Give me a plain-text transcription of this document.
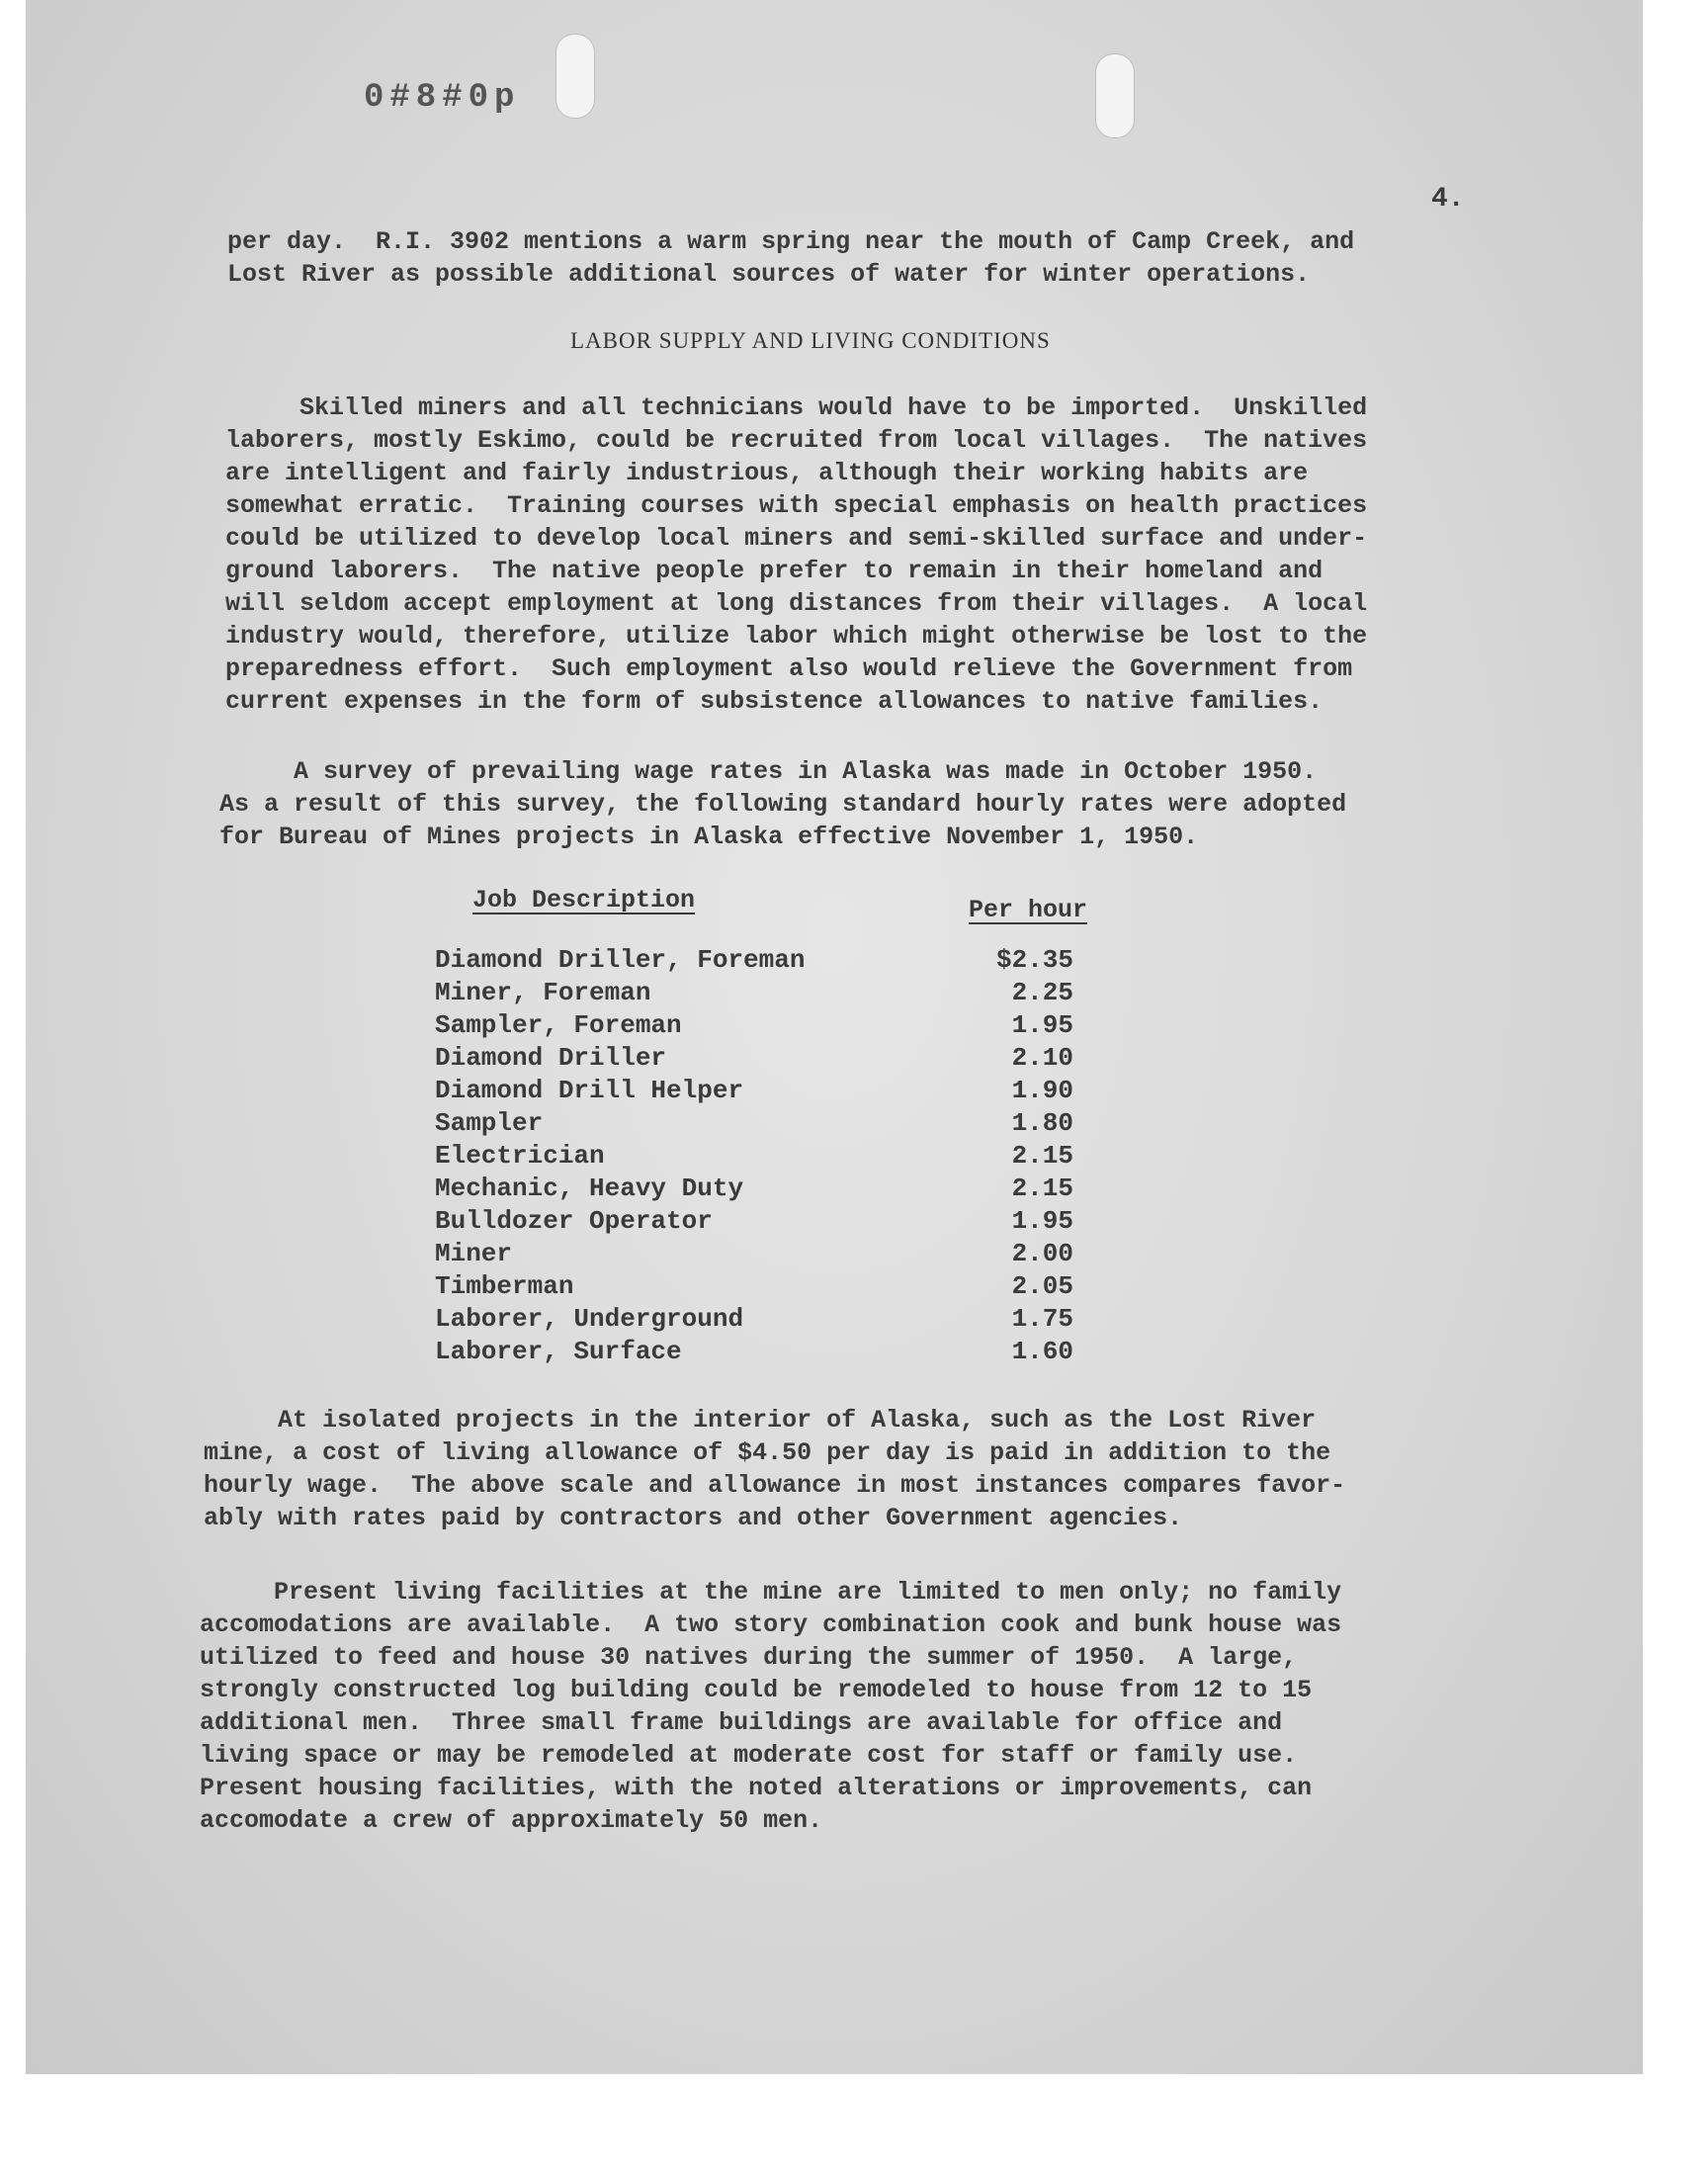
0#8#0p
4.
per day.  R.I. 3902 mentions a warm spring near the mouth of Camp Creek, and
Lost River as possible additional sources of water for winter operations.
LABOR SUPPLY AND LIVING CONDITIONS
Skilled miners and all technicians would have to be imported.  Unskilled
laborers, mostly Eskimo, could be recruited from local villages.  The natives
are intelligent and fairly industrious, although their working habits are
somewhat erratic.  Training courses with special emphasis on health practices
could be utilized to develop local miners and semi-skilled surface and under-
ground laborers.  The native people prefer to remain in their homeland and
will seldom accept employment at long distances from their villages.  A local
industry would, therefore, utilize labor which might otherwise be lost to the
preparedness effort.  Such employment also would relieve the Government from
current expenses in the form of subsistence allowances to native families.
A survey of prevailing wage rates in Alaska was made in October 1950.
As a result of this survey, the following standard hourly rates were adopted
for Bureau of Mines projects in Alaska effective November 1, 1950.
Job Description	Per hour
Diamond Driller, Foreman	$2.35
Miner, Foreman	2.25
Sampler, Foreman	1.95
Diamond Driller	2.10
Diamond Drill Helper	1.90
Sampler	1.80
Electrician	2.15
Mechanic, Heavy Duty	2.15
Bulldozer Operator	1.95
Miner	2.00
Timberman	2.05
Laborer, Underground	1.75
Laborer, Surface	1.60
At isolated projects in the interior of Alaska, such as the Lost River
mine, a cost of living allowance of $4.50 per day is paid in addition to the
hourly wage.  The above scale and allowance in most instances compares favor-
ably with rates paid by contractors and other Government agencies.
Present living facilities at the mine are limited to men only; no family
accomodations are available.  A two story combination cook and bunk house was
utilized to feed and house 30 natives during the summer of 1950.  A large,
strongly constructed log building could be remodeled to house from 12 to 15
additional men.  Three small frame buildings are available for office and
living space or may be remodeled at moderate cost for staff or family use.
Present housing facilities, with the noted alterations or improvements, can
accomodate a crew of approximately 50 men.
